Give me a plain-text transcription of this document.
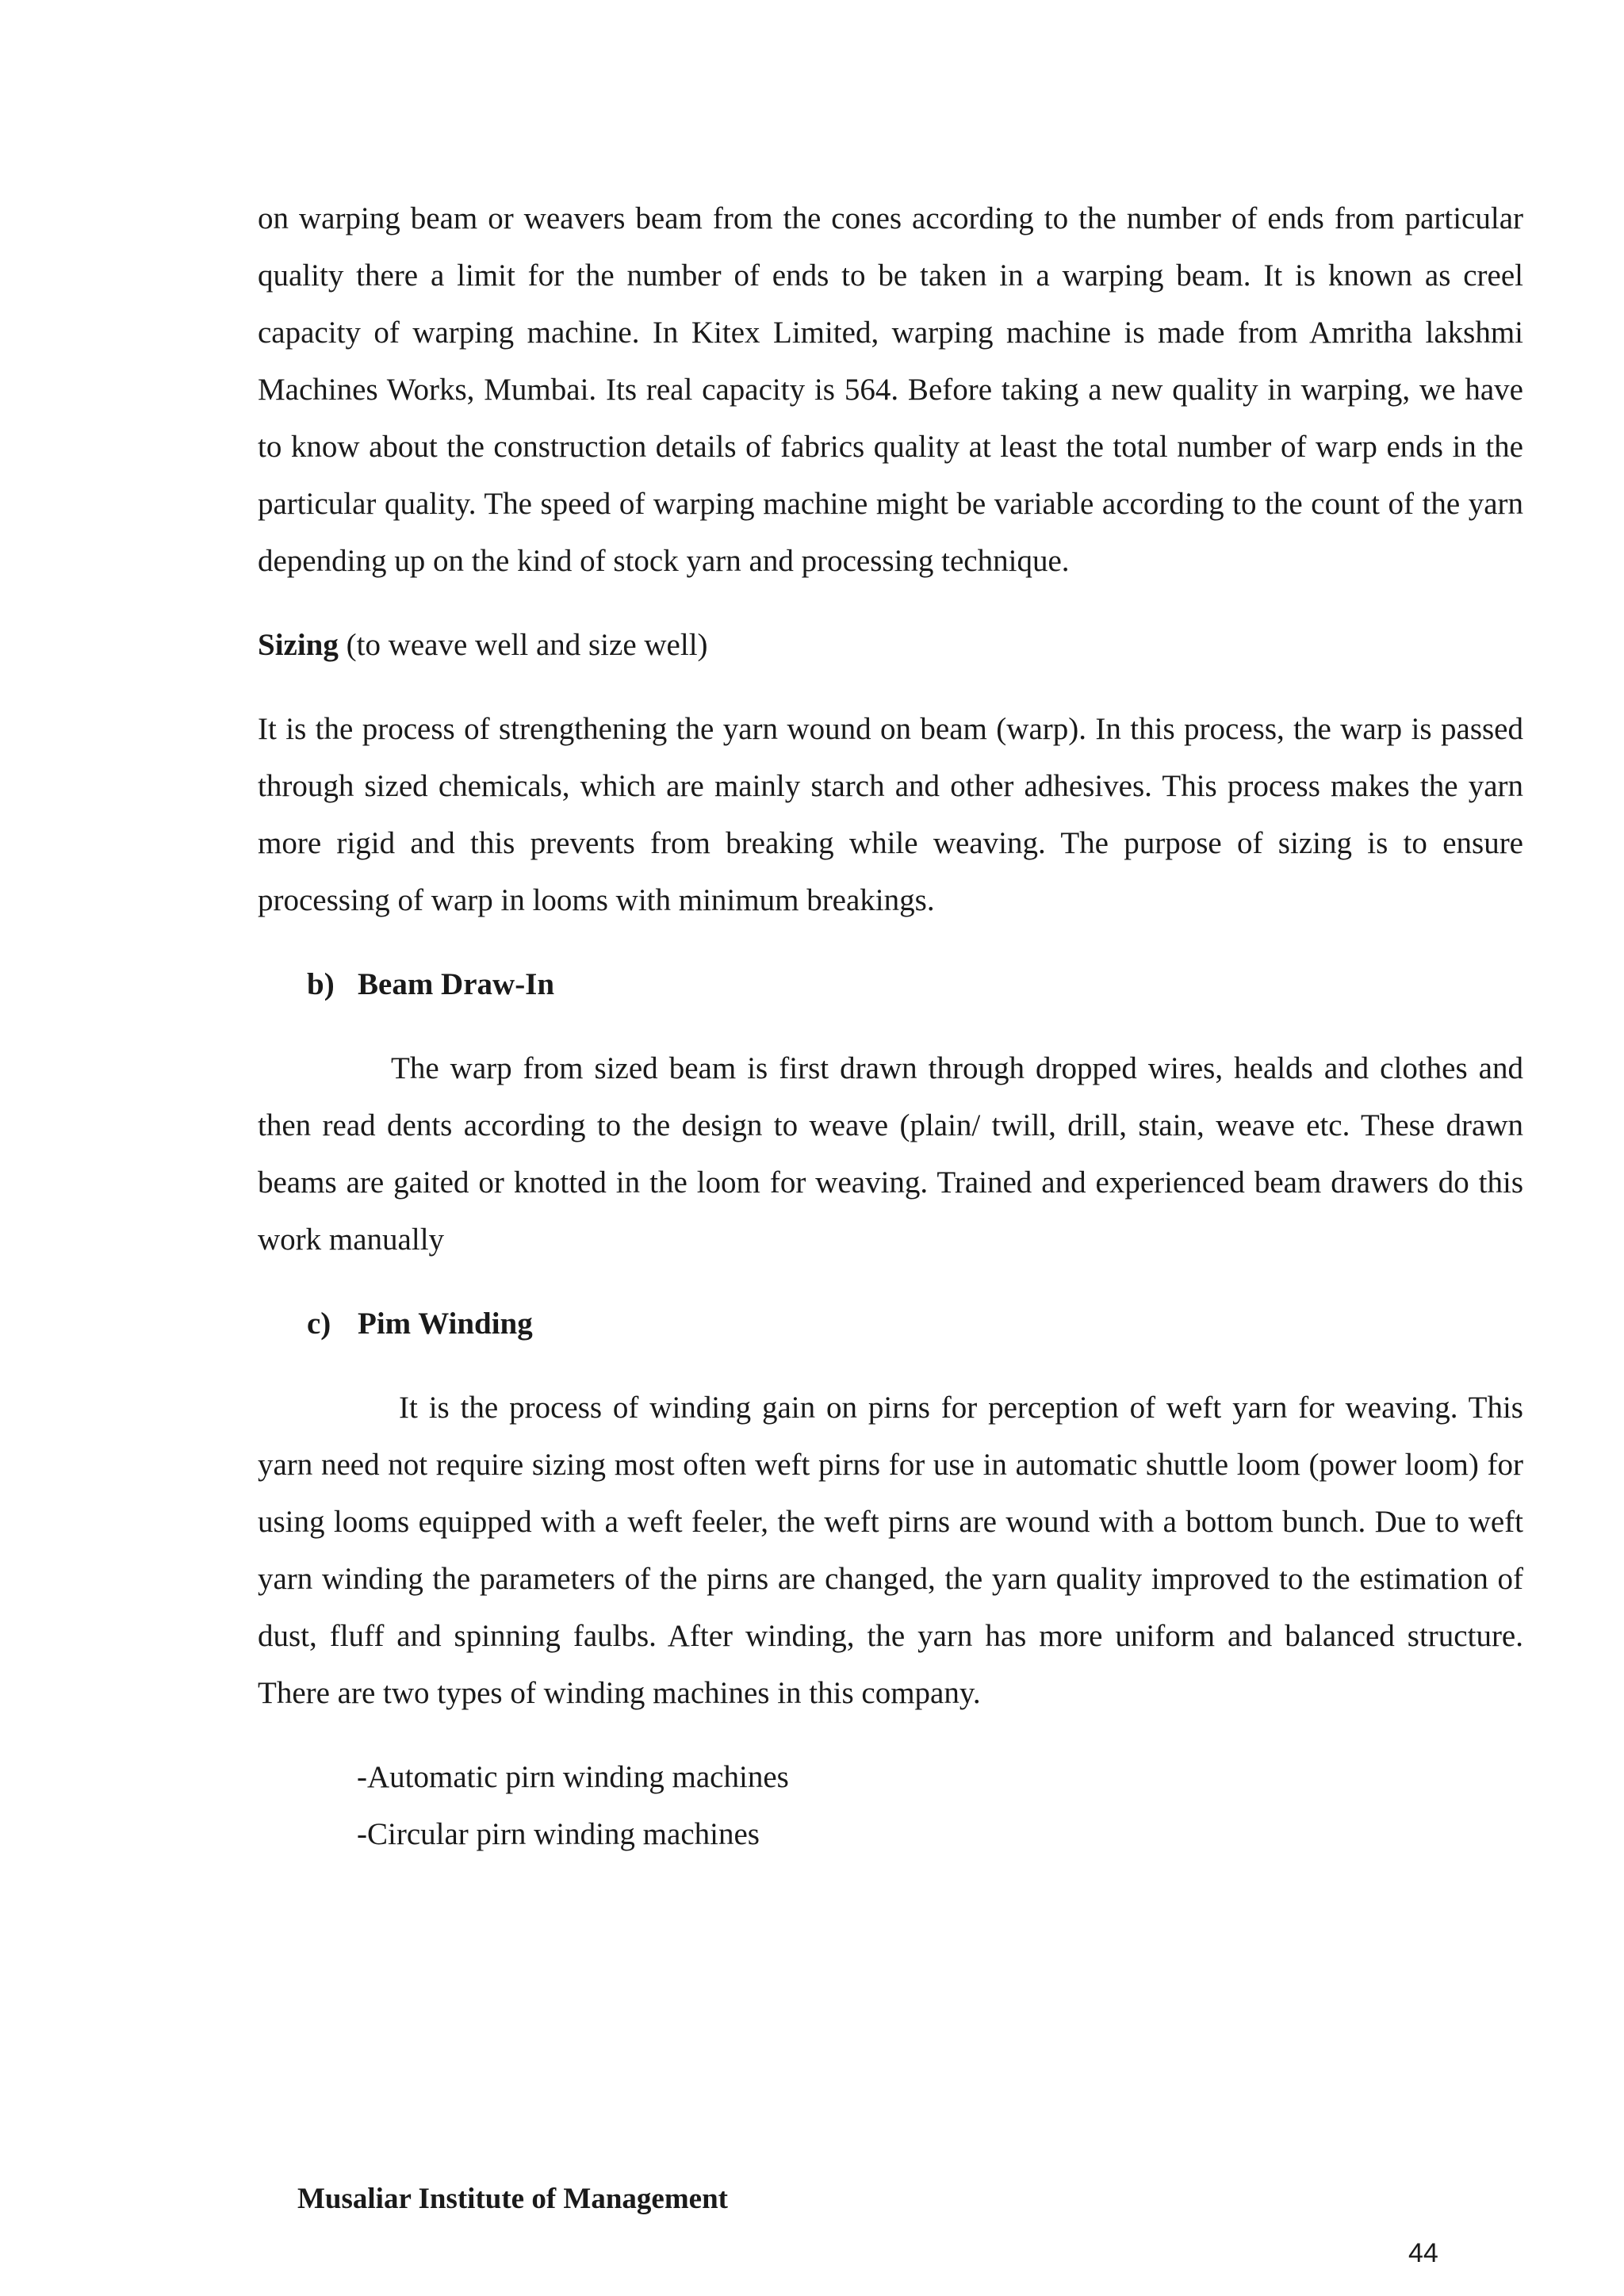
on warping beam or weavers beam from the cones according to the number of ends from particular quality there a limit for the number of ends to be taken in a warping beam. It is known as creel capacity of warping machine. In Kitex Limited, warping machine is made from Amritha lakshmi Machines Works, Mumbai. Its real capacity is 564. Before taking a new quality in warping, we have to know about the construction details of fabrics quality at least the total number of warp ends in the particular quality. The speed of warping machine might be variable according to the count of the yarn depending up on the kind of stock yarn and processing technique.

Sizing (to weave well and size well)

It is the process of strengthening the yarn wound on beam (warp). In this process, the warp is passed through sized chemicals, which are mainly starch and other adhesives. This process makes the yarn more rigid and this prevents from breaking while weaving. The purpose of sizing is to ensure processing of warp in looms with minimum breakings.

b) Beam Draw-In

The warp from sized beam is first drawn through dropped wires, healds and clothes and then read dents according to the design to weave (plain/ twill, drill, stain, weave etc. These drawn beams are gaited or knotted in the loom for weaving. Trained and experienced beam drawers do this work manually

c) Pim Winding

It is the process of winding gain on pirns for perception of weft yarn for weaving. This yarn need not require sizing most often weft pirns for use in automatic shuttle loom (power loom) for using looms equipped with a weft feeler, the weft pirns are wound with a bottom bunch. Due to weft yarn winding the parameters of the pirns are changed, the yarn quality improved to the estimation of dust, fluff and spinning faulbs. After winding, the yarn has more uniform and balanced structure. There are two types of winding machines in this company.

-Automatic pirn winding machines
-Circular pirn winding machines
Musaliar Institute of Management
44
